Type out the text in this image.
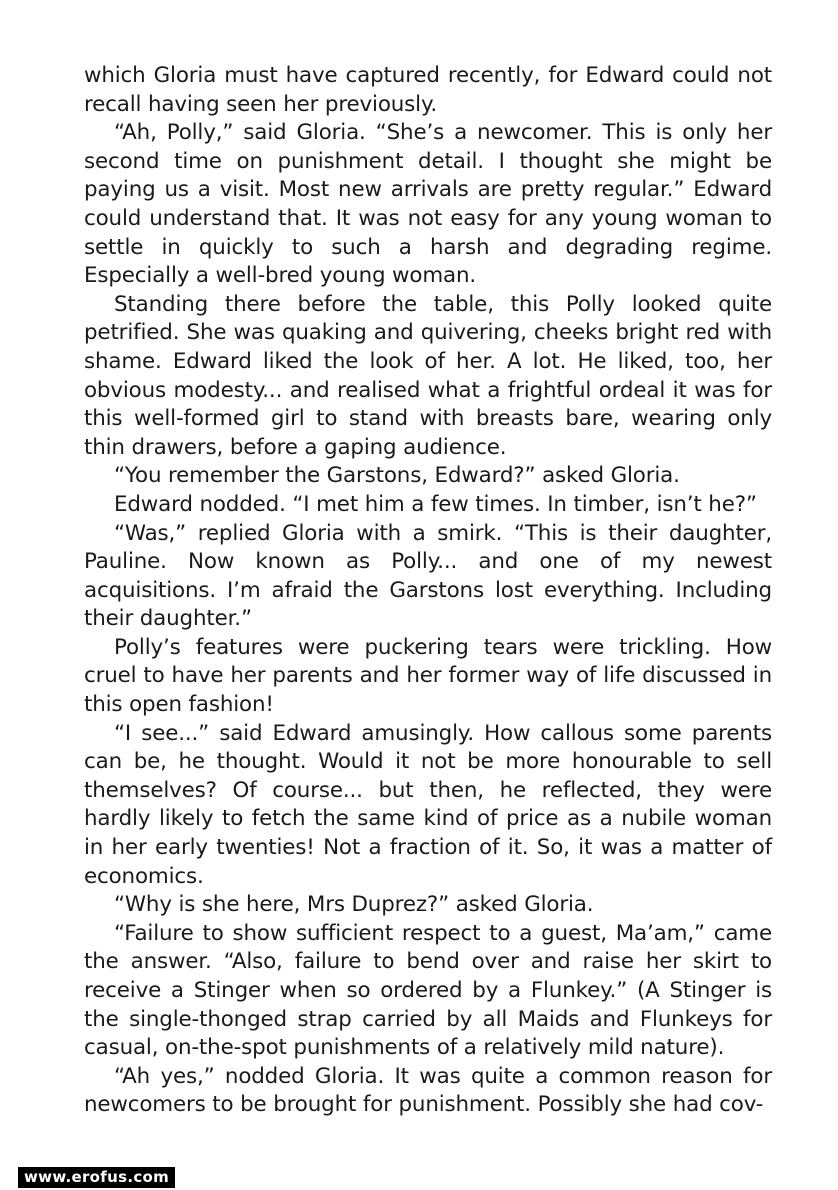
which Gloria must have captured recently, for Edward could not recall having seen her previously.

“Ah, Polly,” said Gloria. “She’s a newcomer. This is only her second time on punishment detail. I thought she might be paying us a visit. Most new arrivals are pretty regular.” Edward could understand that. It was not easy for any young woman to settle in quickly to such a harsh and degrading regime. Especially a well-bred young woman.

Standing there before the table, this Polly looked quite petrified. She was quaking and quivering, cheeks bright red with shame. Edward liked the look of her. A lot. He liked, too, her obvious modesty... and realised what a frightful ordeal it was for this well-formed girl to stand with breasts bare, wearing only thin drawers, before a gaping audience.

“You remember the Garstons, Edward?” asked Gloria.

Edward nodded. “I met him a few times. In timber, isn’t he?”

“Was,” replied Gloria with a smirk. “This is their daughter, Pauline. Now known as Polly... and one of my newest acquisitions. I’m afraid the Garstons lost everything. Including their daughter.”

Polly’s features were puckering tears were trickling. How cruel to have her parents and her former way of life discussed in this open fashion!

“I see...” said Edward amusingly. How callous some parents can be, he thought. Would it not be more honourable to sell themselves? Of course... but then, he reflected, they were hardly likely to fetch the same kind of price as a nubile woman in her early twenties! Not a fraction of it. So, it was a matter of economics.

“Why is she here, Mrs Duprez?” asked Gloria.

“Failure to show sufficient respect to a guest, Ma’am,” came the answer. “Also, failure to bend over and raise her skirt to receive a Stinger when so ordered by a Flunkey.” (A Stinger is the single-thonged strap carried by all Maids and Flunkeys for casual, on-the-spot punishments of a relatively mild nature).

“Ah yes,” nodded Gloria. It was quite a common reason for newcomers to be brought for punishment. Possibly she had cov-

www.erofus.com
